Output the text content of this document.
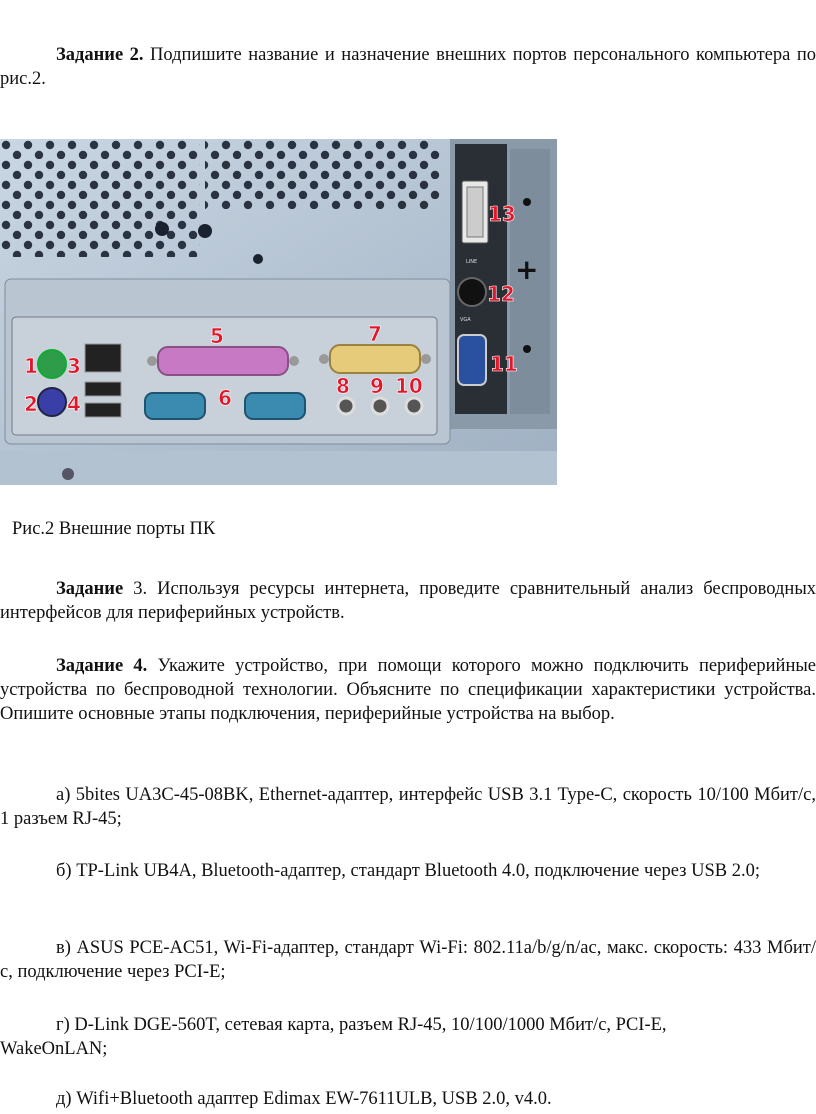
Задание 2. Подпишите название и назначение внешних портов персонального компьютера по рис.2.

+
LINE
VGA
1
2
3
4
5
6
7
8 9 10
11
12
13
Рис.2 Внешние порты ПК

Задание 3. Используя ресурсы интернета, проведите сравнительный анализ беспроводных интерфейсов для периферийных устройств.

Задание 4. Укажите устройство, при помощи которого можно подключить периферийные устройства по беспроводной технологии. Объясните по спецификации характеристики устройства. Опишите основные этапы подключения, периферийные устройства на выбор.

а) 5bites UA3C-45-08BK, Ethernet-адаптер, интерфейс USB 3.1 Type-C, скорость 10/100 Мбит/с, 1 разъем RJ-45;

б) TP-Link UB4A, Bluetooth-адаптер, стандарт Bluetooth 4.0, подключение через USB 2.0;

в) ASUS PCE-AC51, Wi-Fi-адаптер, стандарт Wi-Fi: 802.11a/b/g/n/ac, макс. скорость: 433 Мбит/с, подключение через PCI-E;

г) D-Link DGE-560T, сетевая карта, разъем RJ-45, 10/100/1000 Мбит/с, PCI-E, WakeOnLAN;

д) Wifi+Bluetooth адаптер Edimax EW-7611ULB, USB 2.0, v4.0.
